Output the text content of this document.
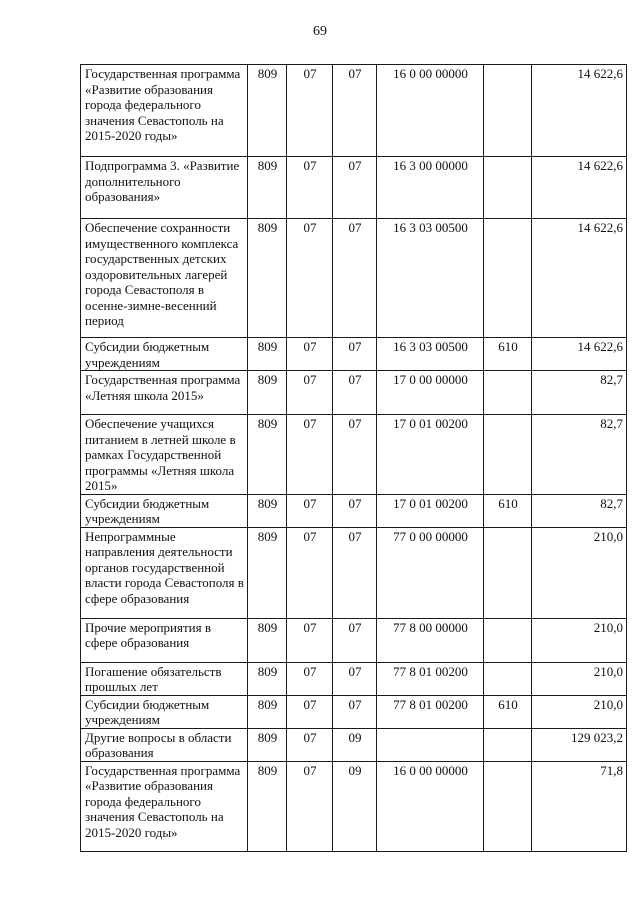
69
Государственная программа «Развитие образования города федерального значения Севастополь на 2015-2020 годы»	809	07	07	16 0 00 00000		14 622,6
Подпрограмма 3. «Развитие дополнительного образования»	809	07	07	16 3 00 00000		14 622,6
Обеспечение сохранности имущественного комплекса государственных детских оздоровительных лагерей города Севастополя в осенне-зимне-весенний период	809	07	07	16 3 03 00500		14 622,6
Субсидии бюджетным учреждениям	809	07	07	16 3 03 00500	610	14 622,6
Государственная программа «Летняя школа 2015»	809	07	07	17 0 00 00000		82,7
Обеспечение учащихся питанием в летней школе в рамках Государственной программы «Летняя школа 2015»	809	07	07	17 0 01 00200		82,7
Субсидии бюджетным учреждениям	809	07	07	17 0 01 00200	610	82,7
Непрограммные направления деятельности органов государственной власти города Севастополя в сфере образования	809	07	07	77 0 00 00000		210,0
Прочие мероприятия в сфере образования	809	07	07	77 8 00 00000		210,0
Погашение обязательств прошлых лет	809	07	07	77 8 01 00200		210,0
Субсидии бюджетным учреждениям	809	07	07	77 8 01 00200	610	210,0
Другие вопросы в области образования	809	07	09			129 023,2
Государственная программа «Развитие образования города федерального значения Севастополь на 2015-2020 годы»	809	07	09	16 0 00 00000		71,8
